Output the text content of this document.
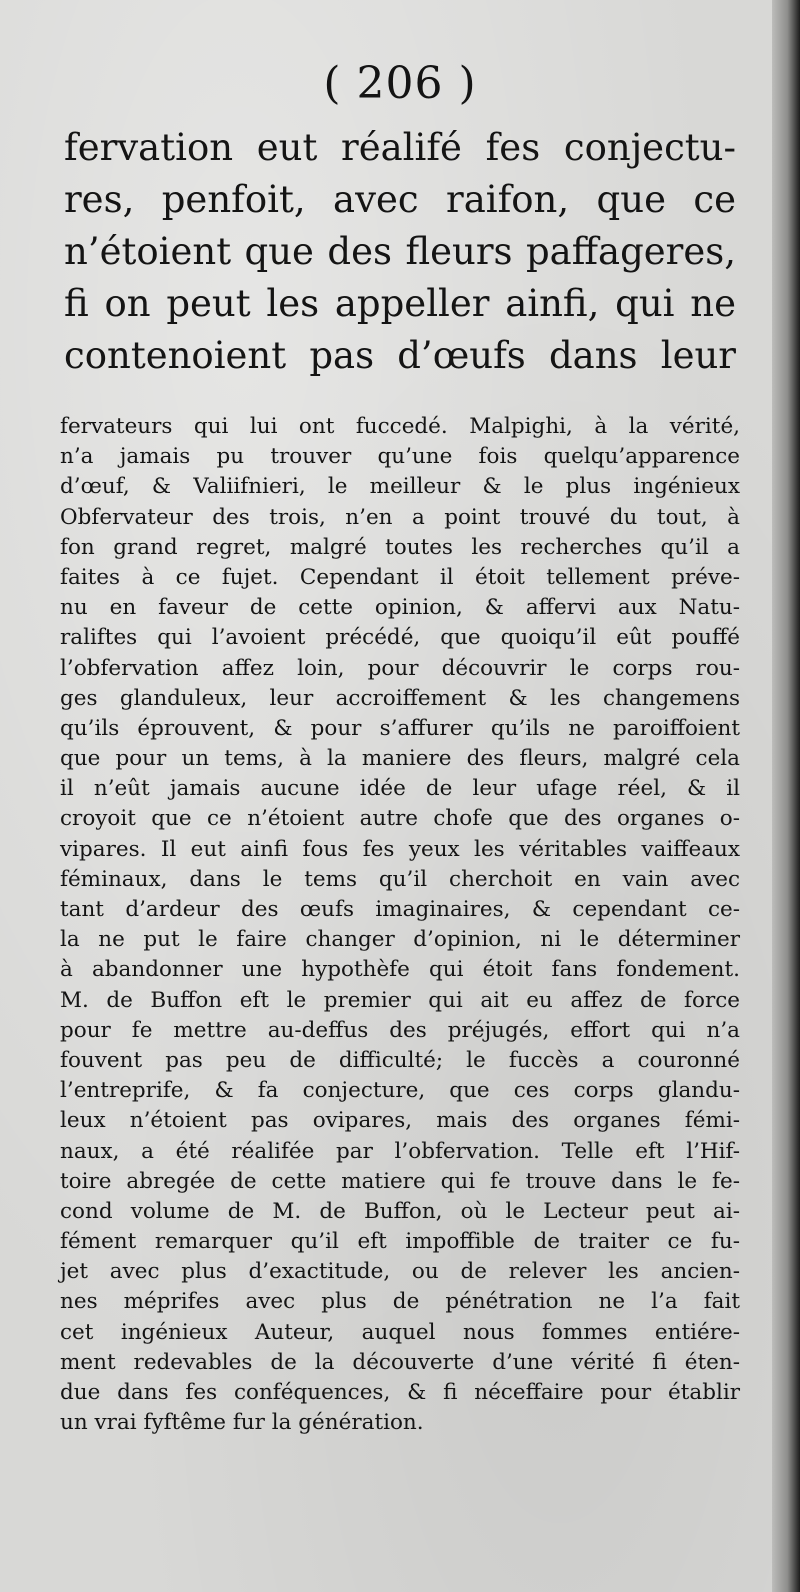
( 206 )
fervation eut réalifé fes conjectu-
res, penfoit, avec raifon, que ce
n’étoient que des fleurs paffageres,
fi on peut les appeller ainfi, qui ne
contenoient pas d’œufs dans leur
fervateurs qui lui ont fuccedé. Malpighi, à la vérité,
n’a jamais pu trouver qu’une fois quelqu’apparence
d’œuf, & Valiifnieri, le meilleur & le plus ingénieux
Obfervateur des trois, n’en a point trouvé du tout, à
fon grand regret, malgré toutes les recherches qu’il a
faites à ce fujet. Cependant il étoit tellement préve-
nu en faveur de cette opinion, & affervi aux Natu-
raliftes qui l’avoient précédé, que quoiqu’il eût pouffé
l’obfervation affez loin, pour découvrir le corps rou-
ges glanduleux, leur accroiffement & les changemens
qu’ils éprouvent, & pour s’affurer qu’ils ne paroiffoient
que pour un tems, à la maniere des fleurs, malgré cela
il n’eût jamais aucune idée de leur ufage réel, & il
croyoit que ce n’étoient autre chofe que des organes o-
vipares. Il eut ainfi fous fes yeux les véritables vaiffeaux
féminaux, dans le tems qu’il cherchoit en vain avec
tant d’ardeur des œufs imaginaires, & cependant ce-
la ne put le faire changer d’opinion, ni le déterminer
à abandonner une hypothèfe qui étoit fans fondement.
M. de Buffon eft le premier qui ait eu affez de force
pour fe mettre au-deffus des préjugés, effort qui n’a
fouvent pas peu de difficulté; le fuccès a couronné
l’entreprife, & fa conjecture, que ces corps glandu-
leux n’étoient pas ovipares, mais des organes fémi-
naux, a été réalifée par l’obfervation. Telle eft l’Hif-
toire abregée de cette matiere qui fe trouve dans le fe-
cond volume de M. de Buffon, où le Lecteur peut ai-
fément remarquer qu’il eft impoffible de traiter ce fu-
jet avec plus d’exactitude, ou de relever les ancien-
nes méprifes avec plus de pénétration ne l’a fait
cet ingénieux Auteur, auquel nous fommes entiére-
ment redevables de la découverte d’une vérité fi éten-
due dans fes conféquences, & fi néceffaire pour établir
un vrai fyftême fur la génération.
